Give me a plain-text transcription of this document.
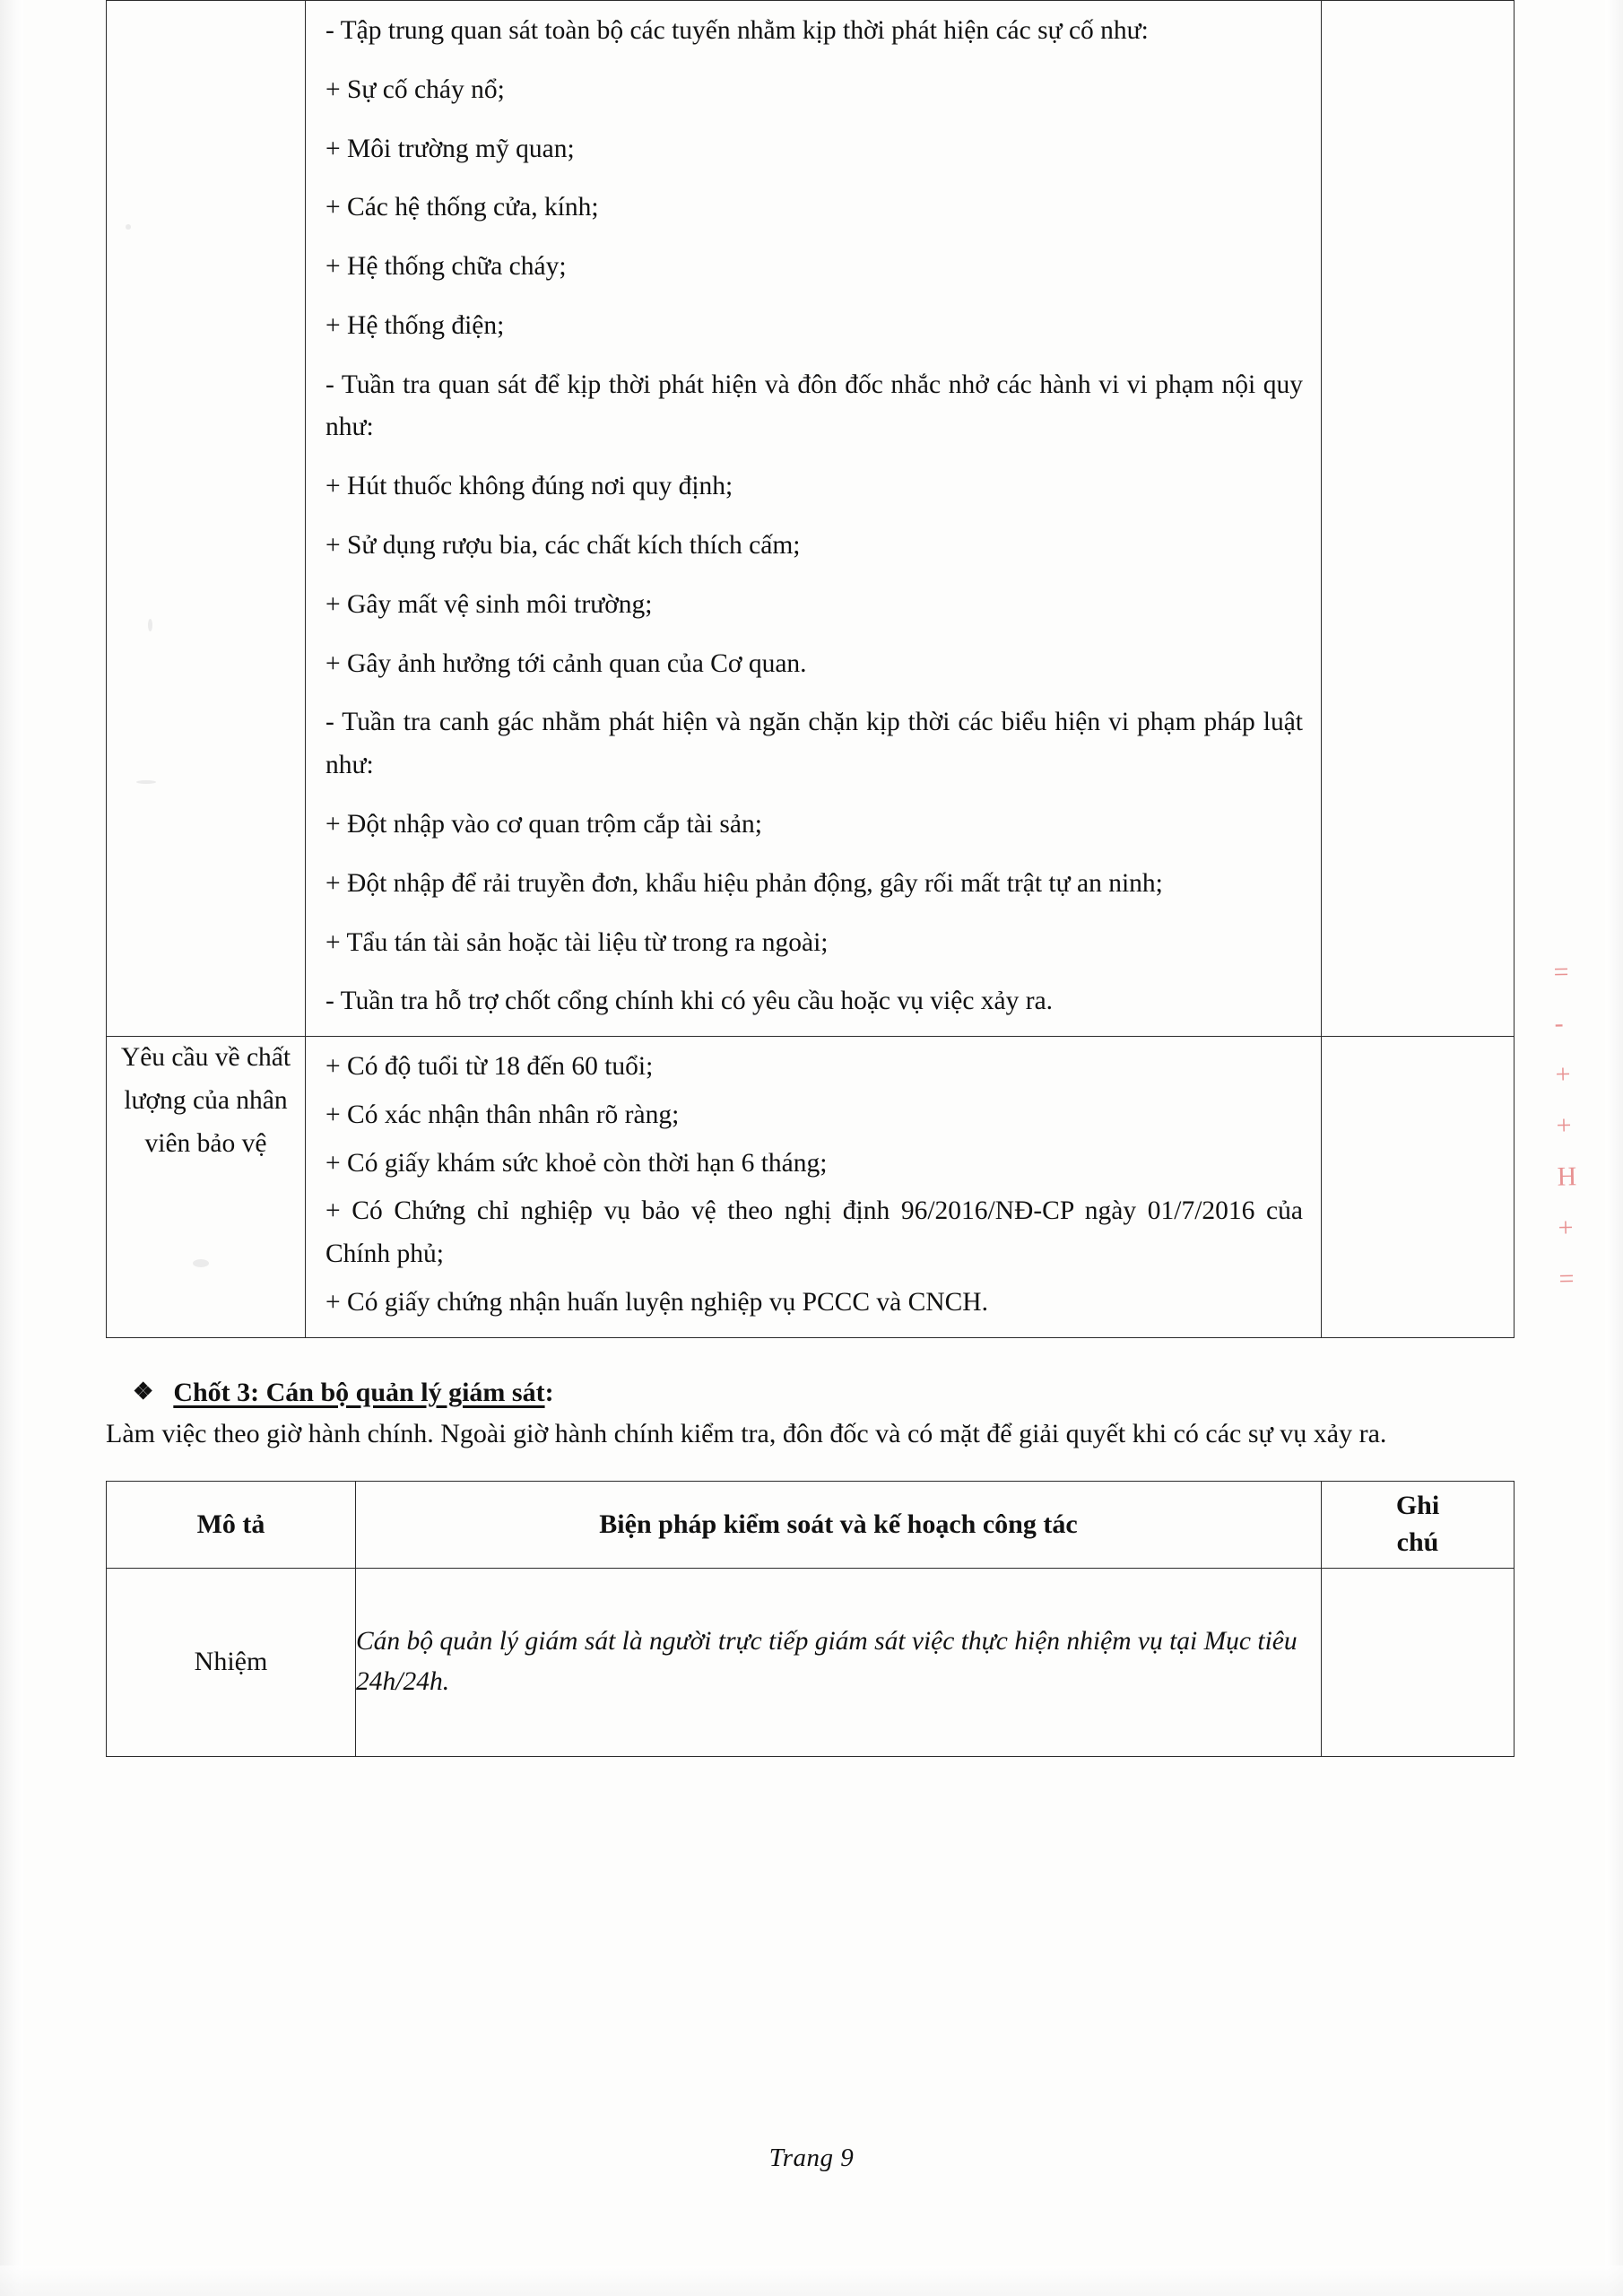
- Tập trung quan sát toàn bộ các tuyến nhằm kịp thời phát hiện các sự cố như:

+ Sự cố cháy nổ;

+ Môi trường mỹ quan;

+ Các hệ thống cửa, kính;

+ Hệ thống chữa cháy;

+ Hệ thống điện;

- Tuần tra quan sát để kịp thời phát hiện và đôn đốc nhắc nhở các hành vi vi phạm nội quy như:

+ Hút thuốc không đúng nơi quy định;

+ Sử dụng rượu bia, các chất kích thích cấm;

+ Gây mất vệ sinh môi trường;

+ Gây ảnh hưởng tới cảnh quan của Cơ quan.

- Tuần tra canh gác nhằm phát hiện và ngăn chặn kịp thời các biểu hiện vi phạm pháp luật như:

+ Đột nhập vào cơ quan trộm cắp tài sản;

+ Đột nhập để rải truyền đơn, khẩu hiệu phản động, gây rối mất trật tự an ninh;

+ Tẩu tán tài sản hoặc tài liệu từ trong ra ngoài;

- Tuần tra hỗ trợ chốt cổng chính khi có yêu cầu hoặc vụ việc xảy ra.

Yêu cầu về chất lượng của nhân viên bảo vệ	+ Có độ tuổi từ 18 đến 60 tuổi;

+ Có xác nhận thân nhân rõ ràng;

+ Có giấy khám sức khoẻ còn thời hạn 6 tháng;

+ Có Chứng chỉ nghiệp vụ bảo vệ theo nghị định 96/2016/NĐ-CP ngày 01/7/2016 của Chính phủ;

+ Có giấy chứng nhận huấn luyện nghiệp vụ PCCC và CNCH.	

❖ Chốt 3: Cán bộ quản lý giám sát:

Làm việc theo giờ hành chính. Ngoài giờ hành chính kiểm tra, đôn đốc và có mặt để giải quyết khi có các sự vụ xảy ra.

Mô tả	Biện pháp kiểm soát và kế hoạch công tác	Ghi
chú
Nhiệm	Cán bộ quản lý giám sát là người trực tiếp giám sát việc thực hiện nhiệm vụ tại Mục tiêu 24h/24h.	
=
-
+
+
H
+
=
Trang 9
